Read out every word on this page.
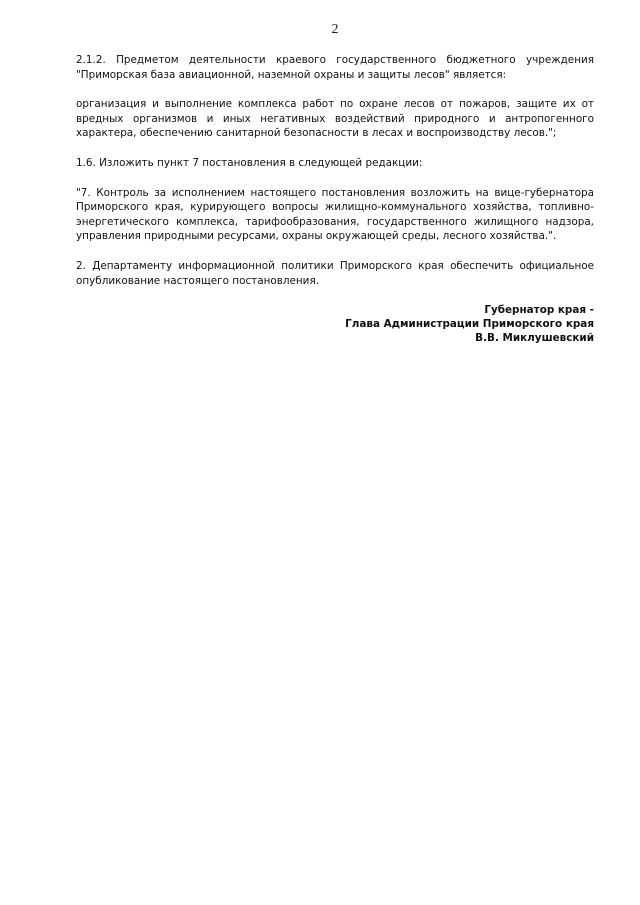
2

2.1.2. Предметом деятельности краевого государственного бюджетного учреждения "Приморская база авиационной, наземной охраны и защиты лесов" является:

организация и выполнение комплекса работ по охране лесов от пожаров, защите их от вредных организмов и иных негативных воздействий природного и антропогенного характера, обеспечению санитарной безопасности в лесах и воспроизводству лесов.";

1.6. Изложить пункт 7 постановления в следующей редакции:

"7. Контроль за исполнением настоящего постановления возложить на вице-губернатора Приморского края, курирующего вопросы жилищно-коммунального хозяйства, топливно-энергетического комплекса, тарифообразования, государственного жилищного надзора, управления природными ресурсами, охраны окружающей среды, лесного хозяйства.".

2. Департаменту информационной политики Приморского края обеспечить официальное опубликование настоящего постановления.

Губернатор края -
Глава Администрации Приморского края
В.В. Миклушевский
